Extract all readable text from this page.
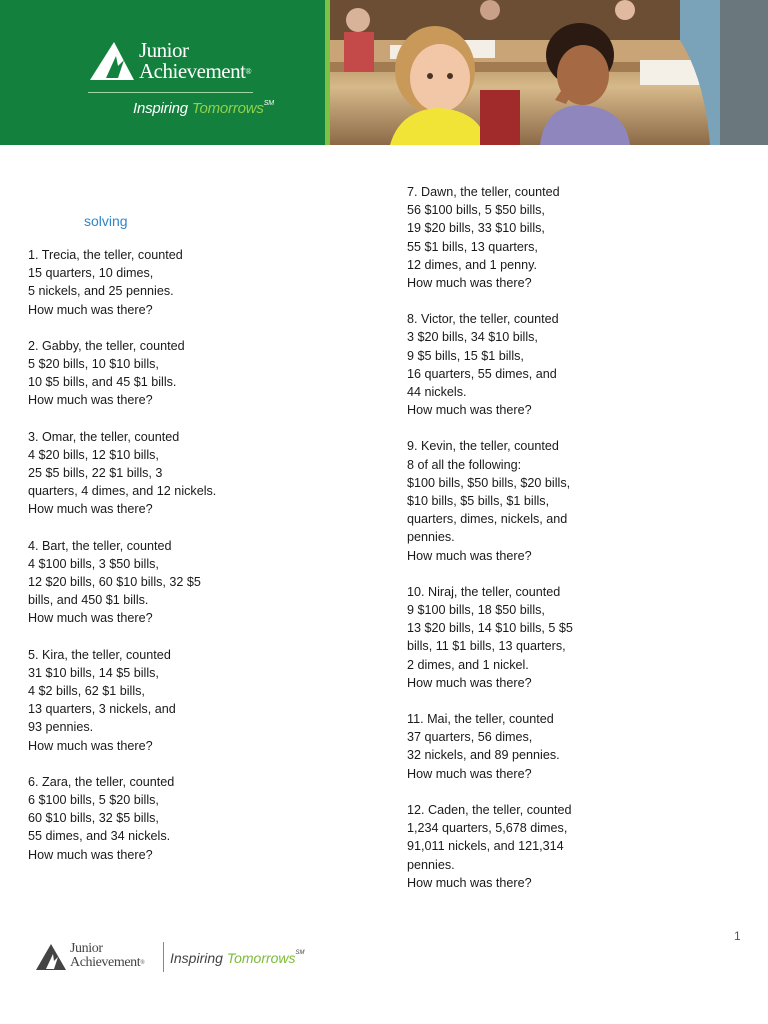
Junior
Achievement®
Inspiring Tomorrows℠
solving
1. Trecia, the teller, counted
15 quarters, 10 dimes,
5 nickels, and 25 pennies.
How much was there?
2. Gabby, the teller, counted
5 $20 bills, 10 $10 bills,
10 $5 bills, and 45 $1 bills.
How much was there?
3. Omar, the teller, counted
4 $20 bills, 12 $10 bills,
25 $5 bills, 22 $1 bills, 3
quarters, 4 dimes, and 12 nickels.
How much was there?
4. Bart, the teller, counted
4 $100 bills, 3 $50 bills,
12 $20 bills, 60 $10 bills, 32 $5
bills, and 450 $1 bills.
How much was there?
5. Kira, the teller, counted
31 $10 bills, 14 $5 bills,
4 $2 bills, 62 $1 bills,
13 quarters, 3 nickels, and
93 pennies.
How much was there?
6. Zara, the teller, counted
6 $100 bills, 5 $20 bills,
60 $10 bills, 32 $5 bills,
55 dimes, and 34 nickels.
How much was there?
7. Dawn, the teller, counted
56 $100 bills, 5 $50 bills,
19 $20 bills, 33 $10 bills,
55 $1 bills, 13 quarters,
12 dimes, and 1 penny.
How much was there?
8. Victor, the teller, counted
3 $20 bills, 34 $10 bills,
9 $5 bills, 15 $1 bills,
16 quarters, 55 dimes, and
44 nickels.
How much was there?
9. Kevin, the teller, counted
8 of all the following:
$100 bills, $50 bills, $20 bills,
$10 bills, $5 bills, $1 bills,
quarters, dimes, nickels, and
pennies.
How much was there?
10. Niraj, the teller, counted
9 $100 bills, 18 $50 bills,
13 $20 bills, 14 $10 bills, 5 $5
bills, 11 $1 bills, 13 quarters,
2 dimes, and 1 nickel.
How much was there?
11. Mai, the teller, counted
37 quarters, 56 dimes,
32 nickels, and 89 pennies.
How much was there?
12. Caden, the teller, counted
1,234 quarters, 5,678 dimes,
91,011 nickels, and 121,314
pennies.
How much was there?
1
Junior
Achievement® Inspiring Tomorrows℠
